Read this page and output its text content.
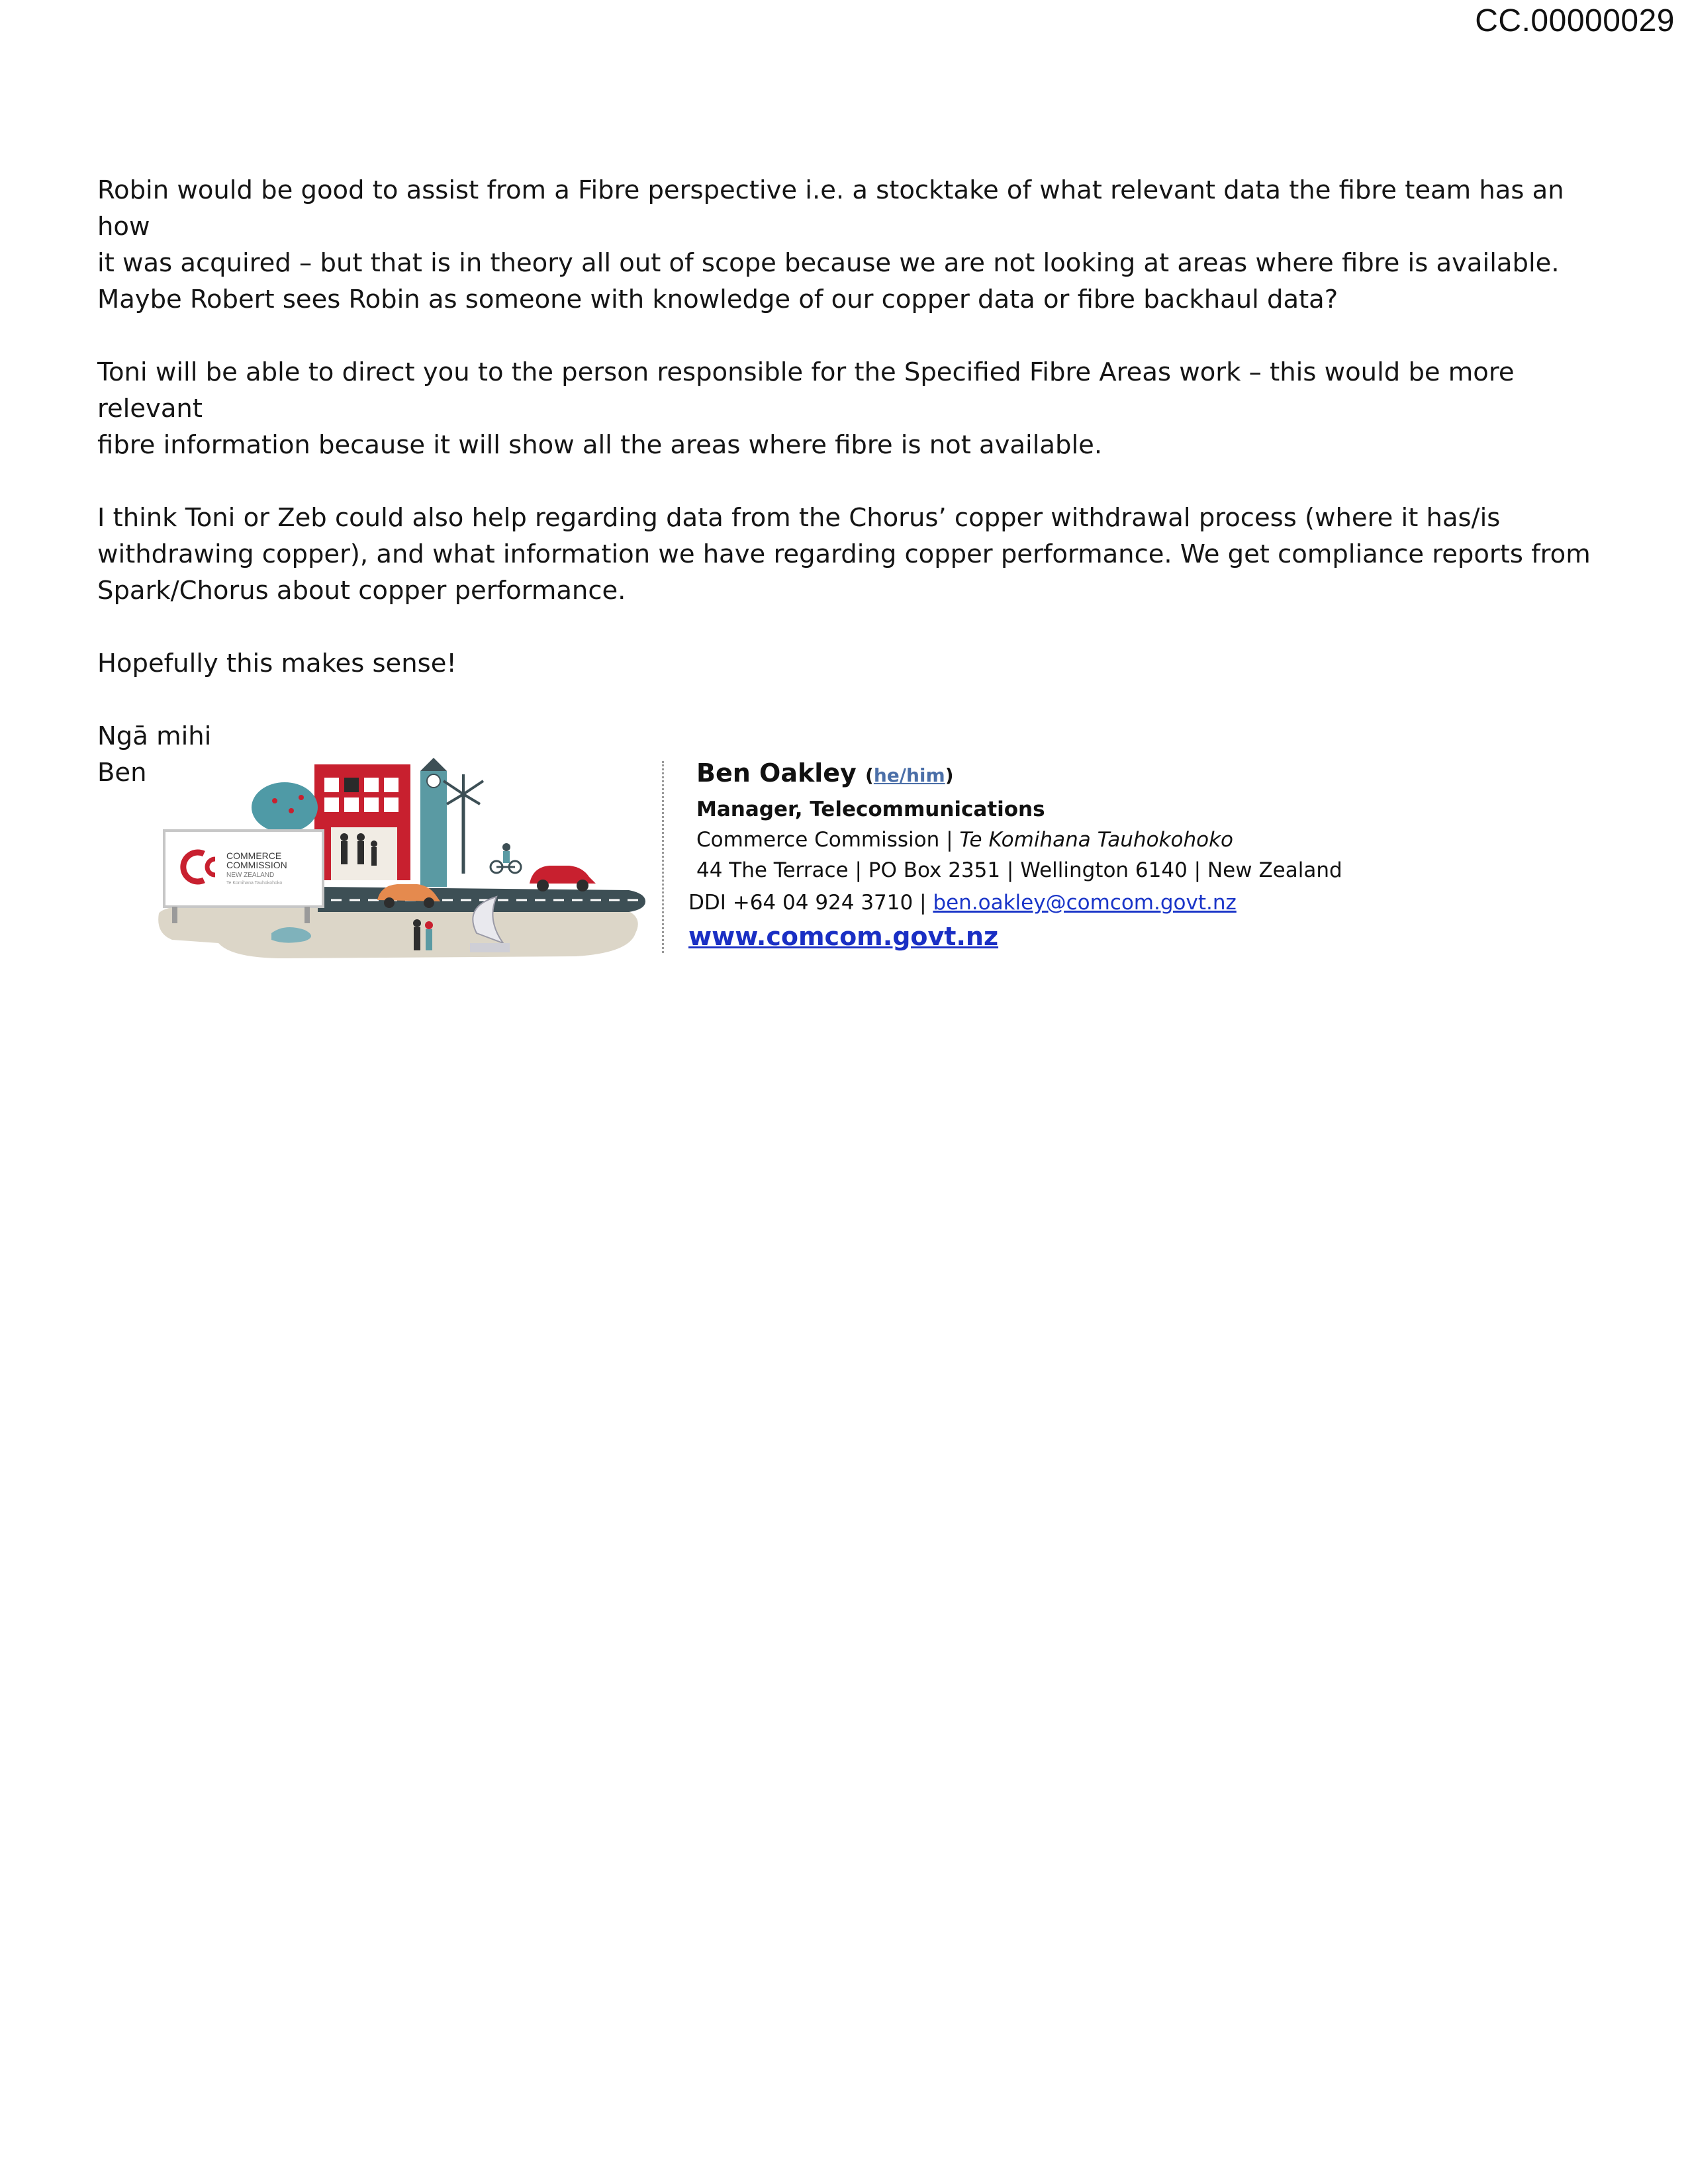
CC.00000029

Robin would be good to assist from a Fibre perspective i.e. a stocktake of what relevant data the fibre team has an how
it was acquired – but that is in theory all out of scope because we are not looking at areas where fibre is available.
Maybe Robert sees Robin as someone with knowledge of our copper data or fibre backhaul data?

Toni will be able to direct you to the person responsible for the Specified Fibre Areas work – this would be more relevant
fibre information because it will show all the areas where fibre is not available.

I think Toni or Zeb could also help regarding data from the Chorus’ copper withdrawal process (where it has/is
withdrawing copper), and what information we have regarding copper performance. We get compliance reports from
Spark/Chorus about copper performance.

Hopefully this makes sense!

Ngā mihi
Ben

COMMERCE
COMMISSION
NEW ZEALAND
Te Komihana Tauhokohoko
Ben Oakley (he/him)
Manager, Telecommunications
Commerce Commission | Te Komihana Tauhokohoko
44 The Terrace | PO Box 2351 | Wellington 6140 | New Zealand
DDI +64 04 924 3710 | ben.oakley@comcom.govt.nz
www.comcom.govt.nz
